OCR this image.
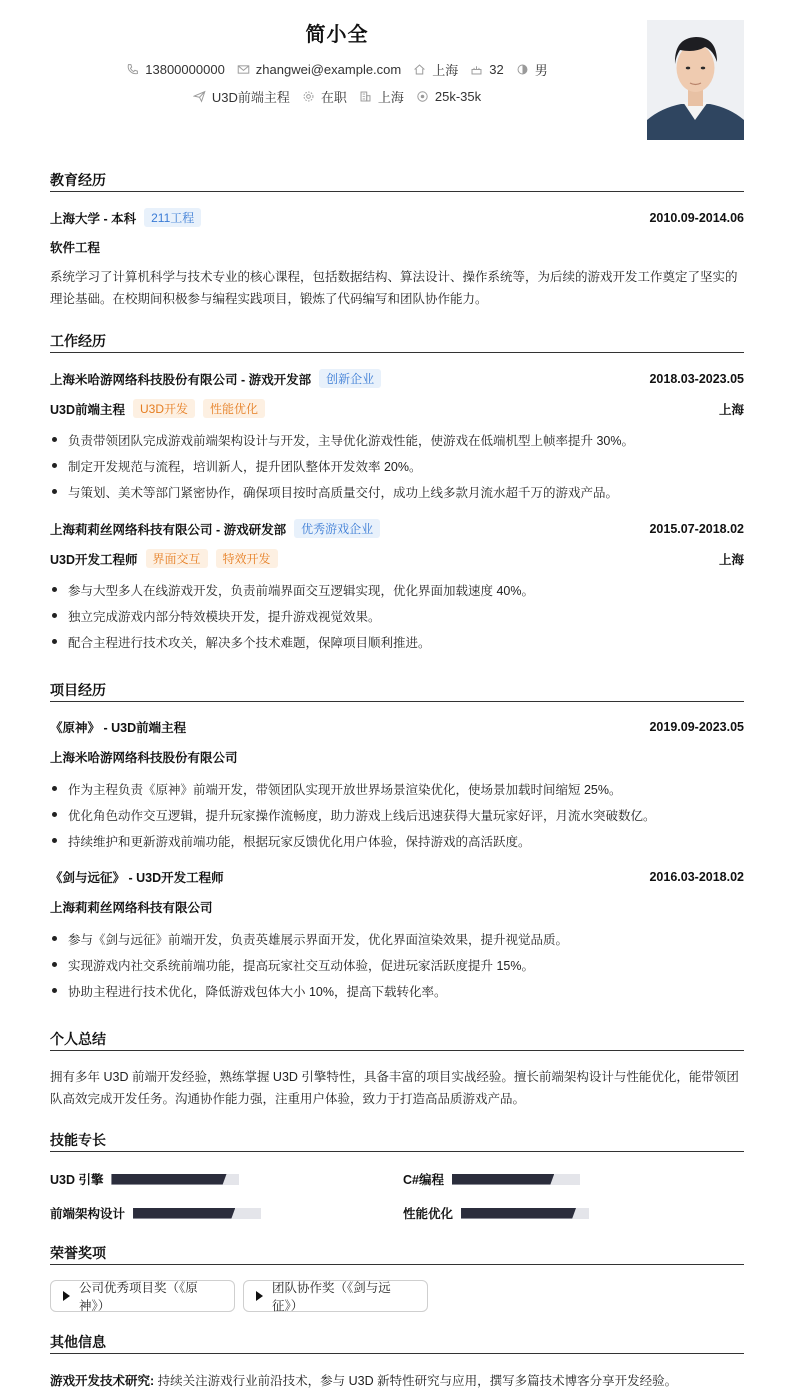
简小全
13800000000 zhangwei@example.com 上海 32 男
U3D前端主程 在职 上海 25k-35k
教育经历
上海大学 - 本科	211工程	2010.09-2014.06
软件工程
系统学习了计算机科学与技术专业的核心课程，包括数据结构、算法设计、操作系统等，为后续的游戏开发工作奠定了坚实的理论基础。在校期间积极参与编程实践项目，锻炼了代码编写和团队协作能力。
工作经历
上海米哈游网络科技股份有限公司 - 游戏开发部	创新企业	2018.03-2023.05
U3D前端主程	U3D开发	性能优化	上海
负责带领团队完成游戏前端架构设计与开发，主导优化游戏性能，使游戏在低端机型上帧率提升 30%。
制定开发规范与流程，培训新人，提升团队整体开发效率 20%。
与策划、美术等部门紧密协作，确保项目按时高质量交付，成功上线多款月流水超千万的游戏产品。
上海莉莉丝网络科技有限公司 - 游戏研发部	优秀游戏企业	2015.07-2018.02
U3D开发工程师	界面交互	特效开发	上海
参与大型多人在线游戏开发，负责前端界面交互逻辑实现，优化界面加载速度 40%。
独立完成游戏内部分特效模块开发，提升游戏视觉效果。
配合主程进行技术攻关，解决多个技术难题，保障项目顺利推进。
项目经历
《原神》 - U3D前端主程	2019.09-2023.05
上海米哈游网络科技股份有限公司
作为主程负责《原神》前端开发，带领团队实现开放世界场景渲染优化，使场景加载时间缩短 25%。
优化角色动作交互逻辑，提升玩家操作流畅度，助力游戏上线后迅速获得大量玩家好评，月流水突破数亿。
持续维护和更新游戏前端功能，根据玩家反馈优化用户体验，保持游戏的高活跃度。
《剑与远征》 - U3D开发工程师	2016.03-2018.02
上海莉莉丝网络科技有限公司
参与《剑与远征》前端开发，负责英雄展示界面开发，优化界面渲染效果，提升视觉品质。
实现游戏内社交系统前端功能，提高玩家社交互动体验，促进玩家活跃度提升 15%。
协助主程进行技术优化，降低游戏包体大小 10%，提高下载转化率。
个人总结
拥有多年 U3D 前端开发经验，熟练掌握 U3D 引擎特性，具备丰富的项目实战经验。擅长前端架构设计与性能优化，能带领团队高效完成开发任务。沟通协作能力强，注重用户体验，致力于打造高品质游戏产品。
技能专长
U3D 引擎	C#编程
前端架构设计	性能优化
荣誉奖项
公司优秀项目奖（《原神》）
团队协作奖（《剑与远征》）
其他信息
游戏开发技术研究: 持续关注游戏行业前沿技术，参与 U3D 新特性研究与应用，撰写多篇技术博客分享开发经验。
